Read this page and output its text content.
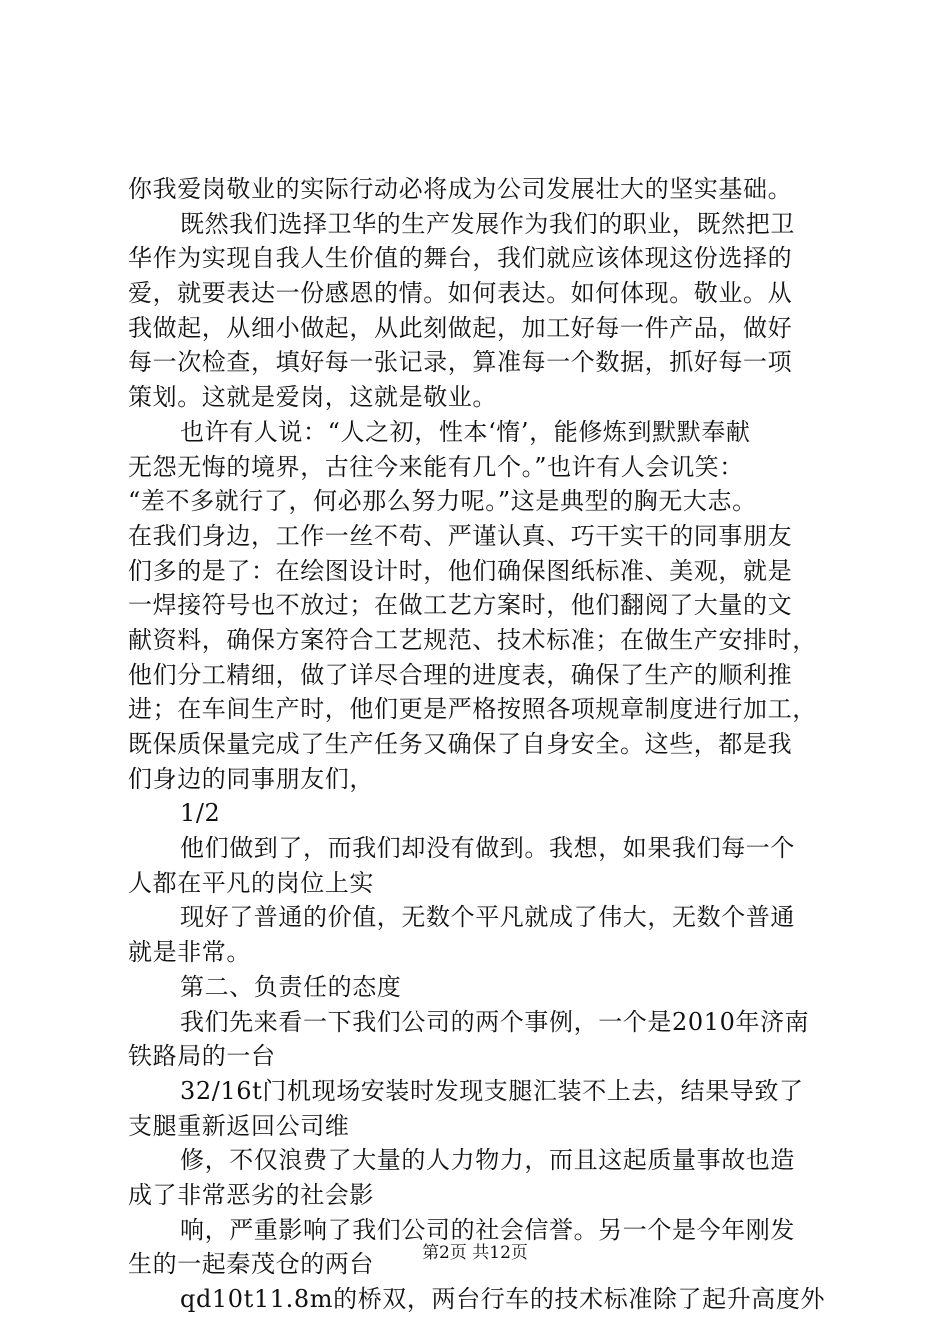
你我爱岗敬业的实际行动必将成为公司发展壮大的坚实基础。
既然我们选择卫华的生产发展作为我们的职业，既然把卫
华作为实现自我人生价值的舞台，我们就应该体现这份选择的
爱，就要表达一份感恩的情。如何表达。如何体现。敬业。从
我做起，从细小做起，从此刻做起，加工好每一件产品，做好
每一次检查，填好每一张记录，算准每一个数据，抓好每一项
策划。这就是爱岗，这就是敬业。
也许有人说：“人之初，性本‘惰’，能修炼到默默奉献
无怨无悔的境界，古往今来能有几个。”也许有人会讥笑：
“差不多就行了，何必那么努力呢。”这是典型的胸无大志。
在我们身边，工作一丝不苟、严谨认真、巧干实干的同事朋友
们多的是了：在绘图设计时，他们确保图纸标准、美观，就是
一焊接符号也不放过；在做工艺方案时，他们翻阅了大量的文
献资料，确保方案符合工艺规范、技术标准；在做生产安排时，
他们分工精细，做了详尽合理的进度表，确保了生产的顺利推
进；在车间生产时，他们更是严格按照各项规章制度进行加工，
既保质保量完成了生产任务又确保了自身安全。这些，都是我
们身边的同事朋友们，
1/2
他们做到了，而我们却没有做到。我想，如果我们每一个
人都在平凡的岗位上实
现好了普通的价值，无数个平凡就成了伟大，无数个普通
就是非常。
第二、负责任的态度
我们先来看一下我们公司的两个事例，一个是2010年济南
铁路局的一台
32/16t门机现场安装时发现支腿汇装不上去，结果导致了
支腿重新返回公司维
修，不仅浪费了大量的人力物力，而且这起质量事故也造
成了非常恶劣的社会影
响，严重影响了我们公司的社会信誉。另一个是今年刚发
生的一起秦茂仓的两台
qd10t11.8m的桥双，两台行车的技术标准除了起升高度外
第2页 共12页
